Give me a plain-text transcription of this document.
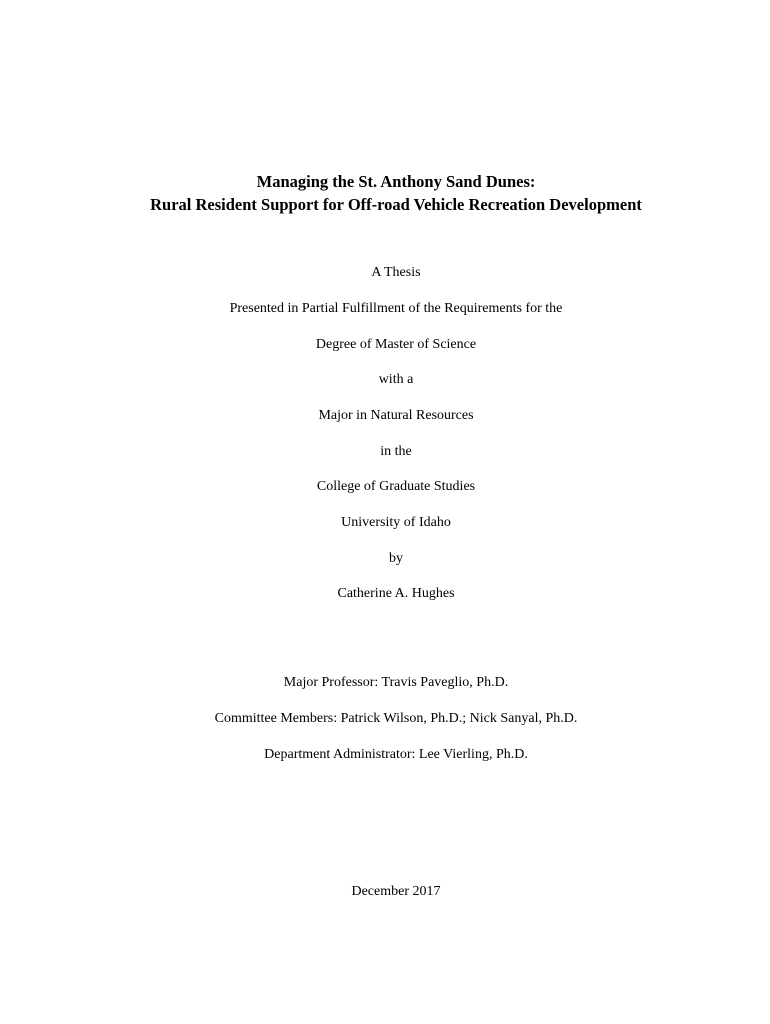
Managing the St. Anthony Sand Dunes:
Rural Resident Support for Off-road Vehicle Recreation Development
A Thesis
Presented in Partial Fulfillment of the Requirements for the
Degree of Master of Science
with a
Major in Natural Resources
in the
College of Graduate Studies
University of Idaho
by
Catherine A. Hughes
Major Professor: Travis Paveglio, Ph.D.
Committee Members: Patrick Wilson, Ph.D.; Nick Sanyal, Ph.D.
Department Administrator: Lee Vierling, Ph.D.
December 2017
